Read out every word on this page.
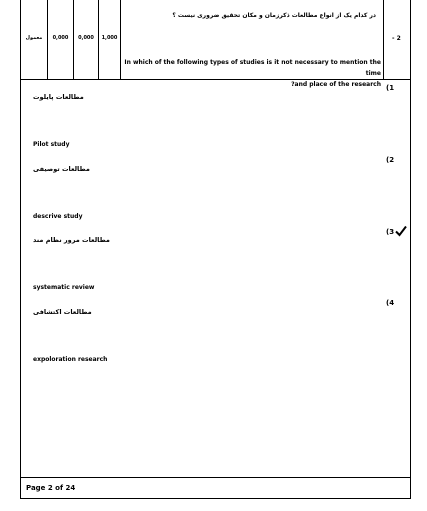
معمول	0,000	0,000	1,000
در کدام یک از انواع مطالعات ذکرزمان و مکان تحقیق ضروری نیست ؟
In which of the following types of studies is it not necessary to mention the time
?and place of the research
- 2
(1
مطالعات پایلوت
Pilot study
(2
مطالعات توصیفی
descrive study
(3
مطالعات مرور نظام مند
systematic review
(4
مطالعات اکتشافی
expoloration research
Page 2 of 24
